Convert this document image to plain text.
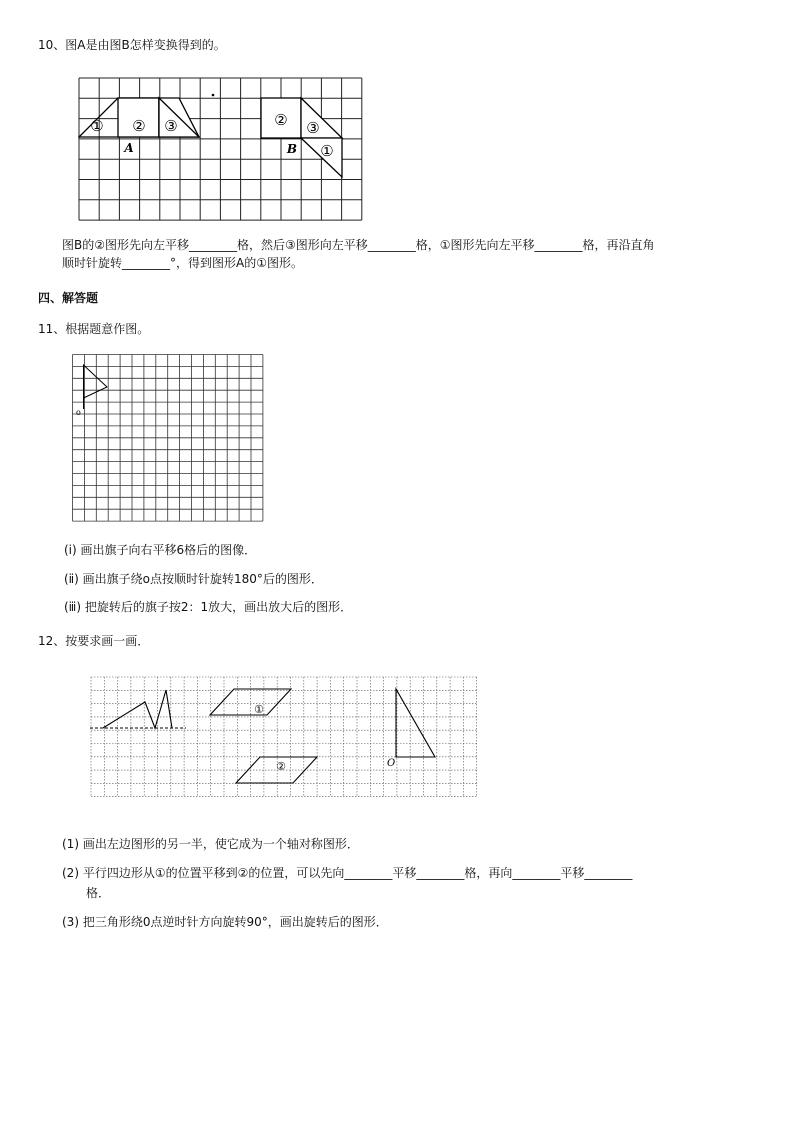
10、图A是由图B怎样变换得到的。
① ② ③
A
② ③
B ①
图B的②图形先向左平移________格，然后③图形向左平移________格，①图形先向左平移________格，再沿直角
顺时针旋转________°，得到图形A的①图形。
四、解答题
11、根据题意作图。
o
(ⅰ) 画出旗子向右平移6格后的图像．
(ⅱ) 画出旗子绕o点按顺时针旋转180°后的图形．
(ⅲ) 把旋转后的旗子按2：1放大，画出放大后的图形．
12、按要求画一画．
①
②	O
(1) 画出左边图形的另一半，使它成为一个轴对称图形．
(2) 平行四边形从①的位置平移到②的位置，可以先向________平移________格，再向________平移________
格．
(3) 把三角形绕0点逆时针方向旋转90°，画出旋转后的图形．
